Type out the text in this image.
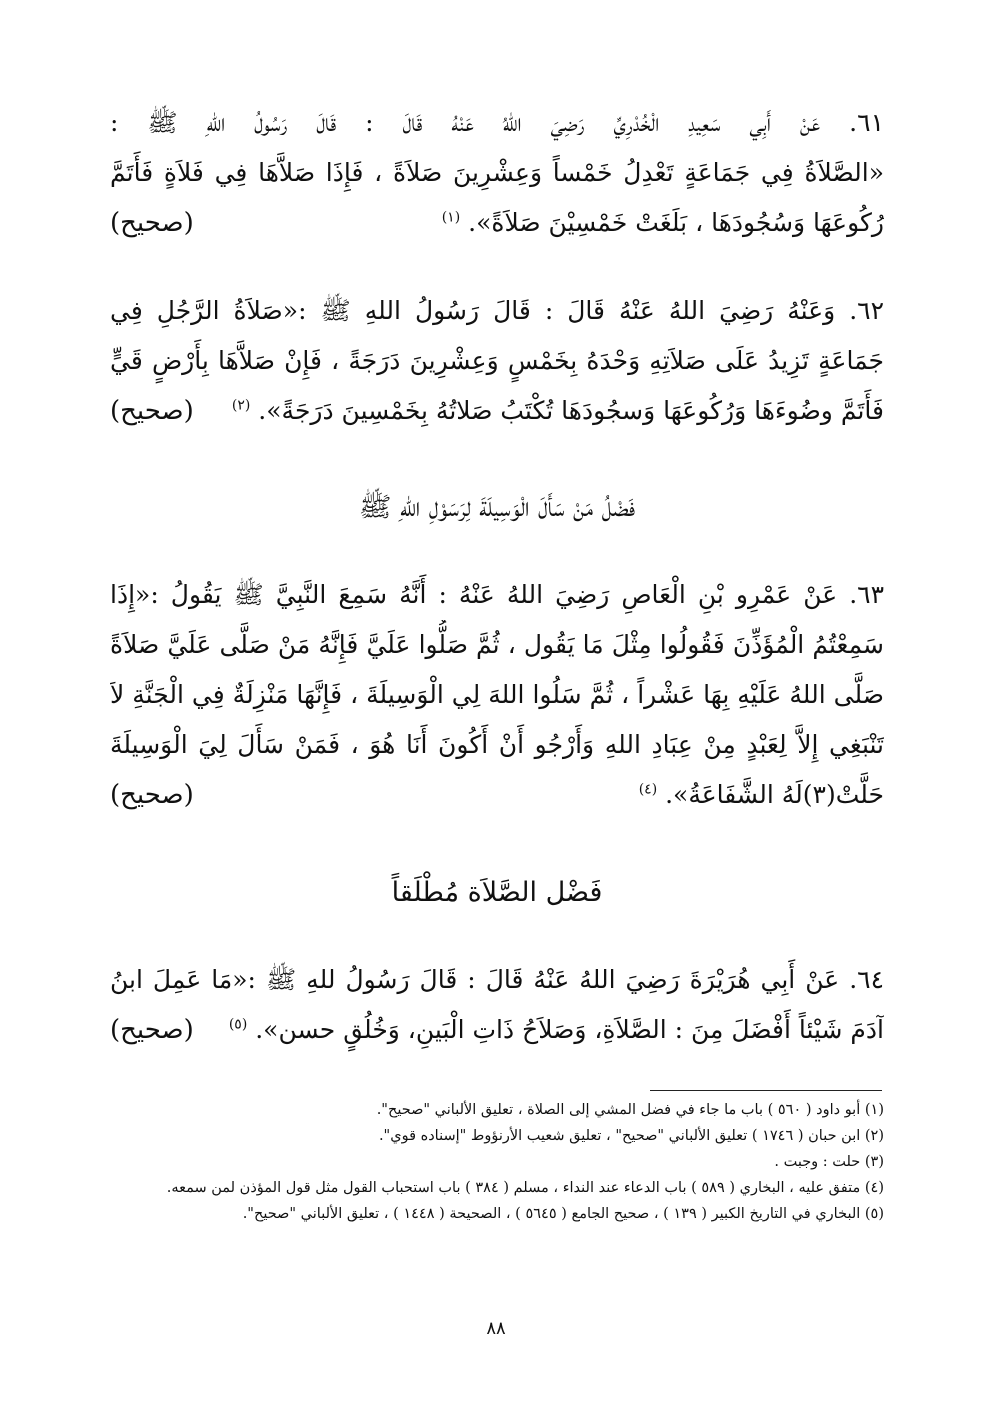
٦١. عَنْ أَبِي سَعِيدِ الْخُدْرِيِّ رَضِيَ اللهُ عَنْهُ قَالَ : قَالَ رَسُولُ اللهِ ﷺ :
«الصَّلاَةُ فِي جَمَاعَةٍ تَعْدِلُ خَمْساً وَعِشْرِينَ صَلاَةً ، فَإِذَا صَلاَّهَا فِي فَلاَةٍ فَأَتَمَّ
رُكُوعَهَا وَسُجُودَهَا ، بَلَغَتْ خَمْسِيْنَ صَلاَةً». $^{(١)}$
(صحيح)
٦٢. وَعَنْهُ رَضِيَ اللهُ عَنْهُ قَالَ : قَالَ رَسُولُ اللهِ ﷺ :«صَلاَةُ الرَّجُلِ فِي
جَمَاعَةٍ تَزِيدُ عَلَى صَلاَتِهِ وَحْدَهُ بِخَمْسٍ وَعِشْرِينَ دَرَجَةً ، فَإِنْ صَلاَّهَا بِأَرْضٍ قَيٍّ
فَأَتَمَّ وضُوءَهَا وَرُكُوعَهَا وَسجُودَهَا تُكْتَبُ صَلاتُهُ بِخَمْسِينَ دَرَجَةً». $^{(٢)}$
(صحيح)
فَضْلُ مَنْ سَأَلَ الْوَسِيلَةَ لِرَسَوْلِ اللهِ ﷺ
٦٣. عَنْ عَمْرِو بْنِ الْعَاصِ رَضِيَ اللهُ عَنْهُ : أَنَّهُ سَمِعَ النَّبِيَّ ﷺ يَقُولُ :«إِذَا
سَمِعْتُمُ الْمُؤَذِّنَ فَقُولُوا مِثْلَ مَا يَقُول ، ثُمَّ صَلُّوا عَلَيَّ فَإِنَّهُ مَنْ صَلَّى عَلَيَّ صَلاَةً
صَلَّى اللهُ عَلَيْهِ بِهَا عَشْراً ، ثُمَّ سَلُوا اللهَ لِي الْوَسِيلَةَ ، فَإِنَّهَا مَنْزِلَةٌ فِي الْجَنَّةِ لاَ
تَنْبَغِي إِلاَّ لِعَبْدٍ مِنْ عِبَادِ اللهِ وَأَرْجُو أَنْ أَكُونَ أَنَا هُوَ ، فَمَنْ سَأَلَ لِيَ الْوَسِيلَةَ
حَلَّتْ(٣)لَهُ الشَّفَاعَةُ». $^{(٤)}$
(صحيح)
فَضْل الصَّلاَة مُطْلَقاً
٦٤. عَنْ أَبِي هُرَيْرَةَ رَضِيَ اللهُ عَنْهُ قَالَ : قَالَ رَسُولُ للهِ ﷺ :«مَا عَمِلَ ابنُ
آدَمَ شَيْئاً أَفْضَلَ مِنَ : الصَّلاَةِ، وَصَلاَحُ ذَاتِ الْبَينِ، وَخُلُقٍ حسن». $^{(٥)}$
(صحيح)
(١) أبو داود ( ٥٦٠ ) باب ما جاء في فضل المشي إلى الصلاة ، تعليق الألباني "صحيح".
(٢) ابن حبان ( ١٧٤٦ ) تعليق الألباني "صحيح" ، تعليق شعيب الأرنؤوط "إسناده قوي".
(٣) حلت : وجبت .
(٤) متفق عليه ، البخاري ( ٥٨٩ ) باب الدعاء عند النداء ، مسلم ( ٣٨٤ ) باب استحباب القول مثل قول المؤذن لمن سمعه.
(٥) البخاري في التاريخ الكبير ( ١٣٩ ) ، صحيح الجامع ( ٥٦٤٥ ) ، الصحيحة ( ١٤٤٨ ) ، تعليق الألباني "صحيح".
٨٨
